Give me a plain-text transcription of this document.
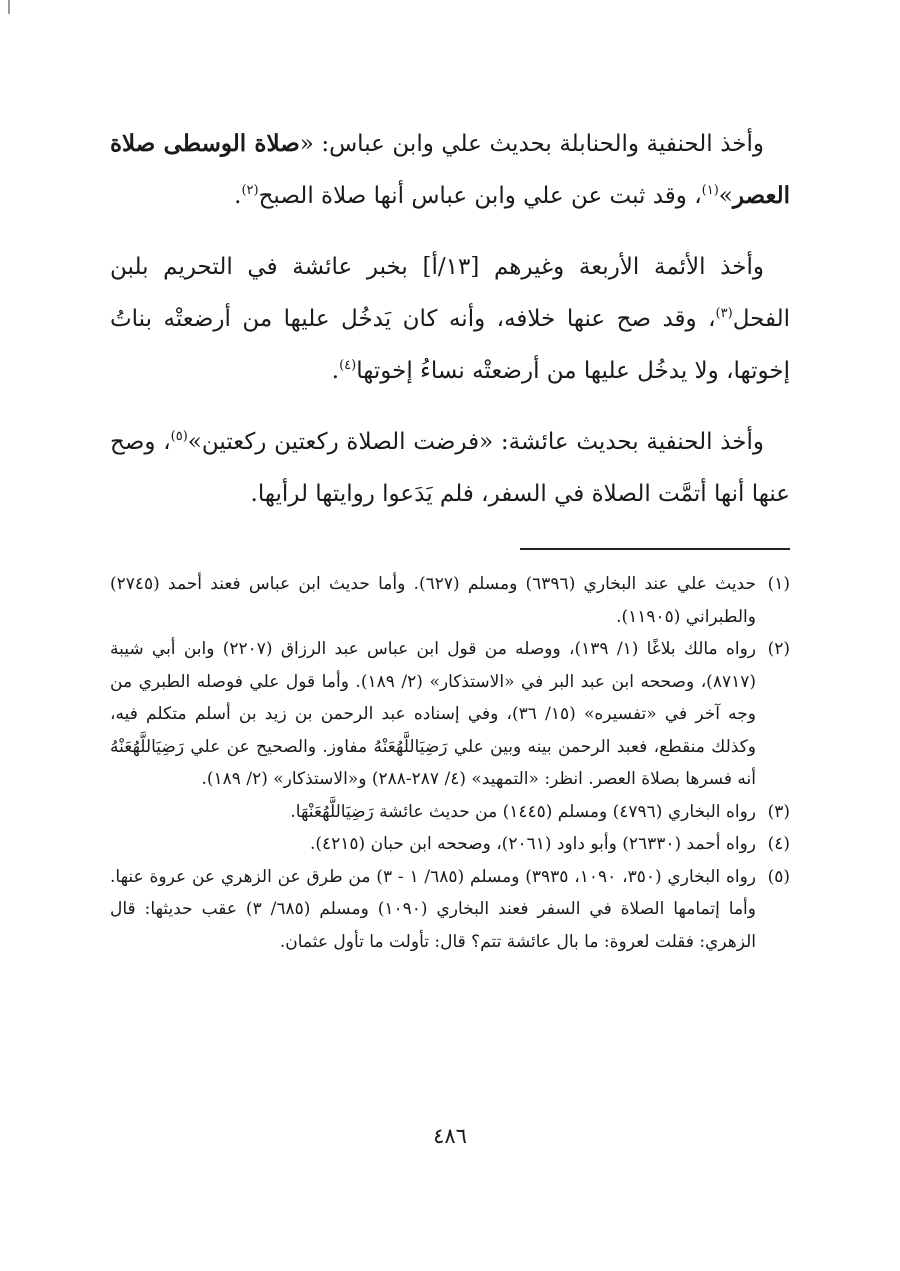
وأخذ الحنفية والحنابلة بحديث علي وابن عباس: «صلاة الوسطى صلاة العصر»$^{(١)}$، وقد ثبت عن علي وابن عباس أنها صلاة الصبح$^{(٢)}$.

وأخذ الأئمة الأربعة وغيرهم [١٣/أ] بخبر عائشة في التحريم بلبن الفحل$^{(٣)}$، وقد صح عنها خلافه، وأنه كان يَدخُل عليها من أرضعتْه بناتُ إخوتها، ولا يدخُل عليها من أرضعتْه نساءُ إخوتها$^{(٤)}$.

وأخذ الحنفية بحديث عائشة: «فرضت الصلاة ركعتين ركعتين»$^{(٥)}$، وصح عنها أنها أتمَّت الصلاة في السفر، فلم يَدَعوا روايتها لرأيها.

(١)
حديث علي عند البخاري (٦٣٩٦) ومسلم (٦٢٧). وأما حديث ابن عباس فعند أحمد (٢٧٤٥) والطبراني (١١٩٠٥).
(٢)
رواه مالك بلاغًا (١/ ١٣٩)، ووصله من قول ابن عباس عبد الرزاق (٢٢٠٧) وابن أبي شيبة (٨٧١٧)، وصححه ابن عبد البر في «الاستذكار» (٢/ ١٨٩). وأما قول علي فوصله الطبري من وجه آخر في «تفسيره» (١٥/ ٣٦)، وفي إسناده عبد الرحمن بن زيد بن أسلم متكلم فيه، وكذلك منقطع، فعبد الرحمن بينه وبين علي رَضِيَاللَّهُعَنْهُ مفاوز. والصحيح عن علي رَضِيَاللَّهُعَنْهُ أنه فسرها بصلاة العصر. انظر: «التمهيد» (٤/ ٢٨٧-٢٨٨) و«الاستذكار» (٢/ ١٨٩).
(٣)
رواه البخاري (٤٧٩٦) ومسلم (١٤٤٥) من حديث عائشة رَضِيَاللَّهُعَنْهَا.
(٤)
رواه أحمد (٢٦٣٣٠) وأبو داود (٢٠٦١)، وصححه ابن حبان (٤٢١٥).
(٥)
رواه البخاري (٣٥٠، ١٠٩٠، ٣٩٣٥) ومسلم (٦٨٥/ ١ - ٣) من طرق عن الزهري عن عروة عنها. وأما إتمامها الصلاة في السفر فعند البخاري (١٠٩٠) ومسلم (٦٨٥/ ٣) عقب حديثها: قال الزهري: فقلت لعروة: ما بال عائشة تتم؟ قال: تأولت ما تأول عثمان.
٤٨٦
